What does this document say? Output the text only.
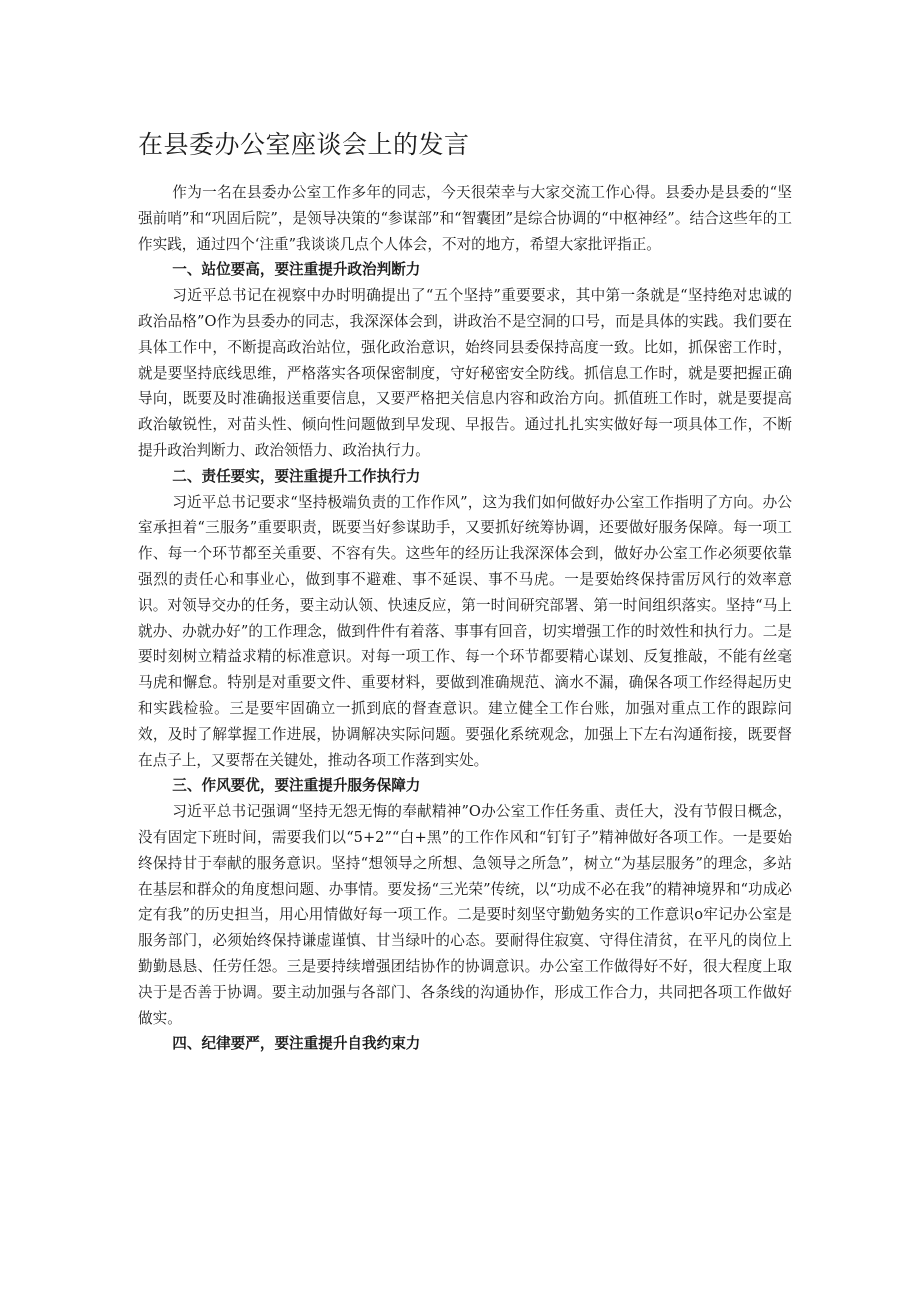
在县委办公室座谈会上的发言

作为一名在县委办公室工作多年的同志，今天很荣幸与大家交流工作心得。县委办是县委的“坚强前哨”和“巩固后院”，是领导决策的“参谋部”和“智囊团”是综合协调的“中枢神经”。结合这些年的工作实践，通过四个‘注重”我谈谈几点个人体会，不对的地方，希望大家批评指正。

一、站位要高，要注重提升政治判断力

习近平总书记在视察中办时明确提出了“五个坚持”重要要求，其中第一条就是“坚持绝对忠诚的政治品格”O作为县委办的同志，我深深体会到，讲政治不是空洞的口号，而是具体的实践。我们要在具体工作中，不断提高政治站位，强化政治意识，始终同县委保持高度一致。比如，抓保密工作时，就是要坚持底线思维，严格落实各项保密制度，守好秘密安全防线。抓信息工作时，就是要把握正确导向，既要及时准确报送重要信息，又要严格把关信息内容和政治方向。抓值班工作时，就是要提高政治敏锐性，对苗头性、倾向性问题做到早发现、早报告。通过扎扎实实做好每一项具体工作，不断提升政治判断力、政治领悟力、政治执行力。

二、责任要实，要注重提升工作执行力

习近平总书记要求“坚持极端负责的工作作风”，这为我们如何做好办公室工作指明了方向。办公室承担着“三服务”重要职责，既要当好参谋助手，又要抓好统筹协调，还要做好服务保障。每一项工作、每一个环节都至关重要、不容有失。这些年的经历让我深深体会到，做好办公室工作必须要依靠强烈的责任心和事业心，做到事不避难、事不延误、事不马虎。一是要始终保持雷厉风行的效率意识。对领导交办的任务，要主动认领、快速反应，第一时间研究部署、第一时间组织落实。坚持“马上就办、办就办好”的工作理念，做到件件有着落、事事有回音，切实增强工作的时效性和执行力。二是要时刻树立精益求精的标准意识。对每一项工作、每一个环节都要精心谋划、反复推敲，不能有丝毫马虎和懈怠。特别是对重要文件、重要材料，要做到准确规范、滴水不漏，确保各项工作经得起历史和实践检验。三是要牢固确立一抓到底的督查意识。建立健全工作台账，加强对重点工作的跟踪问效，及时了解掌握工作进展，协调解决实际问题。要强化系统观念，加强上下左右沟通衔接，既要督在点子上，又要帮在关键处，推动各项工作落到实处。

三、作风要优，要注重提升服务保障力

习近平总书记强调“坚持无怨无悔的奉献精神”O办公室工作任务重、责任大，没有节假日概念，没有固定下班时间，需要我们以“5+2”“白+黑”的工作作风和“钉钉子”精神做好各项工作。一是要始终保持甘于奉献的服务意识。坚持“想领导之所想、急领导之所急”，树立“为基层服务”的理念，多站在基层和群众的角度想问题、办事情。要发扬“三光荣”传统，以“功成不必在我”的精神境界和“功成必定有我”的历史担当，用心用情做好每一项工作。二是要时刻坚守勤勉务实的工作意识o牢记办公室是服务部门，必须始终保持谦虚谨慎、甘当绿叶的心态。要耐得住寂寞、守得住清贫，在平凡的岗位上勤勤恳恳、任劳任怨。三是要持续增强团结协作的协调意识。办公室工作做得好不好，很大程度上取决于是否善于协调。要主动加强与各部门、各条线的沟通协作，形成工作合力，共同把各项工作做好做实。

四、纪律要严，要注重提升自我约束力
